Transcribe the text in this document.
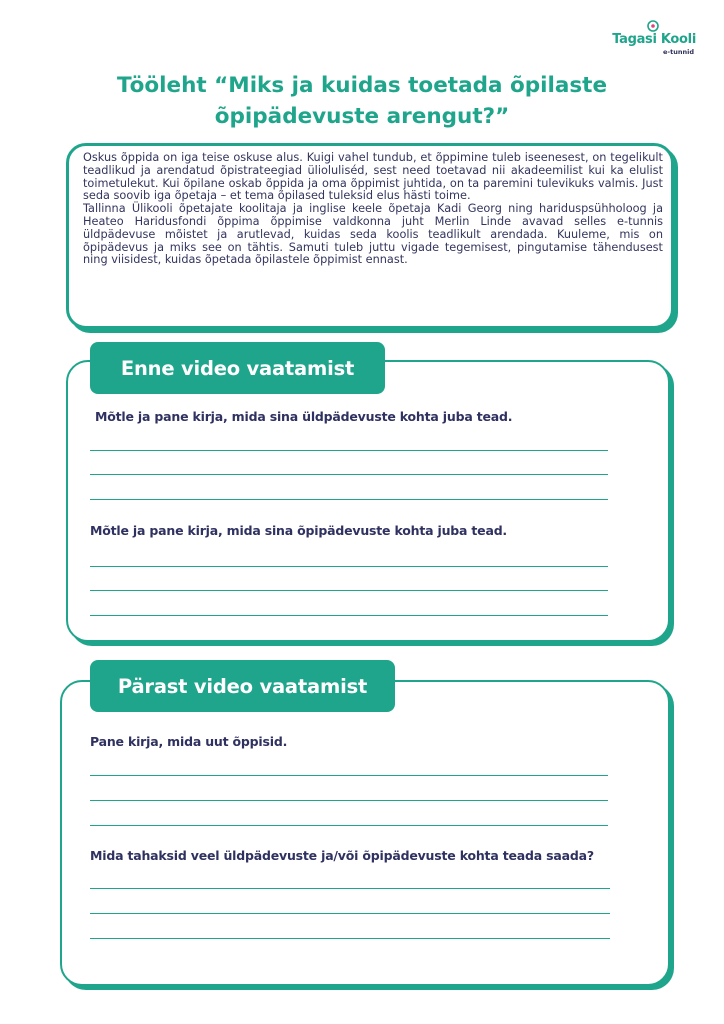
Tagasi Kooli
e-tunnid
Tööleht “Miks ja kuidas toetada õpilaste õpipädevuste arengut?”

Oskus õppida on iga teise oskuse alus. Kuigi vahel tundub, et õppimine tuleb iseenesest, on tegelikult teadlikud ja arendatud õpistrateegiad ülioluliséd, sest need toetavad nii akadeemilist kui ka elulist toimetulekut. Kui õpilane oskab õppida ja oma õppimist juhtida, on ta paremini tulevikuks valmis. Just seda soovib iga õpetaja – et tema õpilased tuleksid elus hästi toime.

Tallinna Ülikooli õpetajate koolitaja ja inglise keele õpetaja Kadi Georg ning hariduspsühholoog ja Heateo Haridusfondi õppima õppimise valdkonna juht Merlin Linde avavad selles e-tunnis üldpädevuse mõistet ja arutlevad, kuidas seda koolis teadlikult arendada. Kuuleme, mis on õpipädevus ja miks see on tähtis. Samuti tuleb juttu vigade tegemisest, pingutamise tähendusest ning viisidest, kuidas õpetada õpilastele õppimist ennast.

Enne video vaatamist
Mõtle ja pane kirja, mida sina üldpädevuste kohta juba tead.
Mõtle ja pane kirja, mida sina õpipädevuste kohta juba tead.
Pärast video vaatamist
Pane kirja, mida uut õppisid.
Mida tahaksid veel üldpädevuste ja/või õpipädevuste kohta teada saada?
